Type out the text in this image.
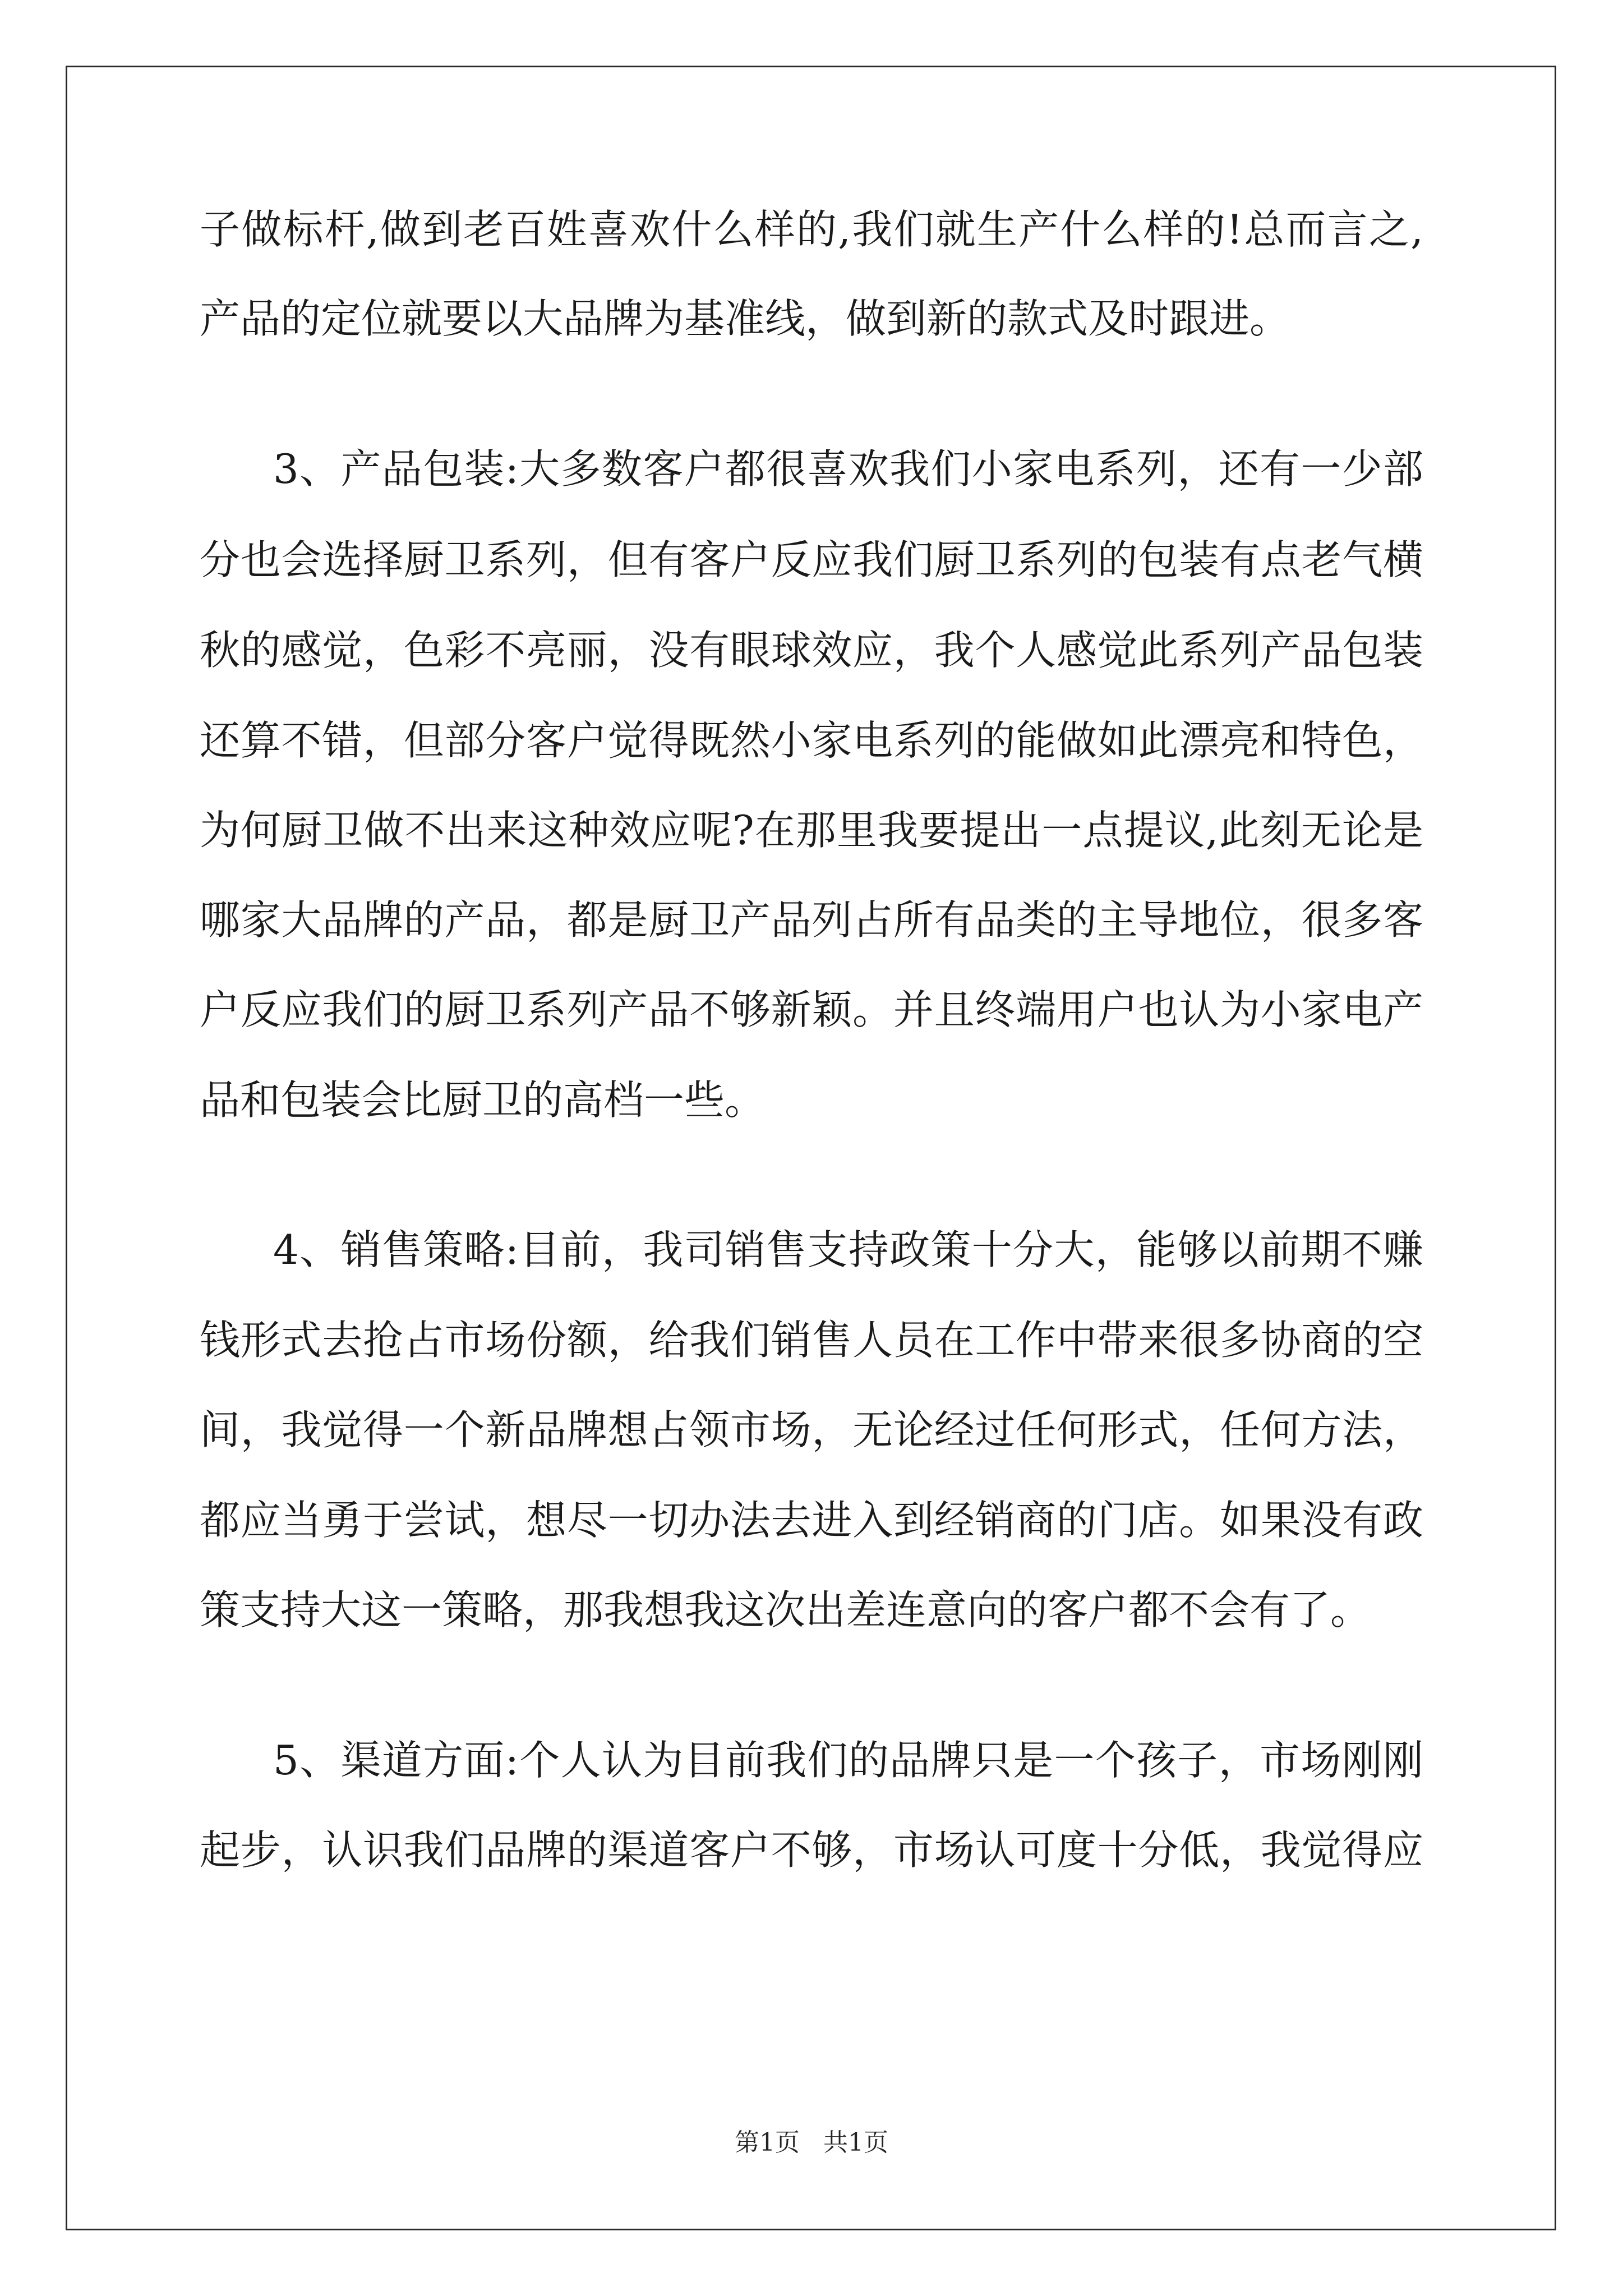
子做标杆,做到老百姓喜欢什么样的,我们就生产什么样的!总而言之,

产品的定位就要以大品牌为基准线，做到新的款式及时跟进。

3、产品包装:大多数客户都很喜欢我们小家电系列，还有一少部

分也会选择厨卫系列，但有客户反应我们厨卫系列的包装有点老气横

秋的感觉，色彩不亮丽，没有眼球效应，我个人感觉此系列产品包装

还算不错，但部分客户觉得既然小家电系列的能做如此漂亮和特色，

为何厨卫做不出来这种效应呢?在那里我要提出一点提议,此刻无论是

哪家大品牌的产品，都是厨卫产品列占所有品类的主导地位，很多客

户反应我们的厨卫系列产品不够新颖。并且终端用户也认为小家电产

品和包装会比厨卫的高档一些。

4、销售策略:目前，我司销售支持政策十分大，能够以前期不赚

钱形式去抢占市场份额，给我们销售人员在工作中带来很多协商的空

间，我觉得一个新品牌想占领市场，无论经过任何形式，任何方法，

都应当勇于尝试，想尽一切办法去进入到经销商的门店。如果没有政

策支持大这一策略，那我想我这次出差连意向的客户都不会有了。

5、渠道方面:个人认为目前我们的品牌只是一个孩子，市场刚刚

起步，认识我们品牌的渠道客户不够，市场认可度十分低，我觉得应

第1页   共1页
